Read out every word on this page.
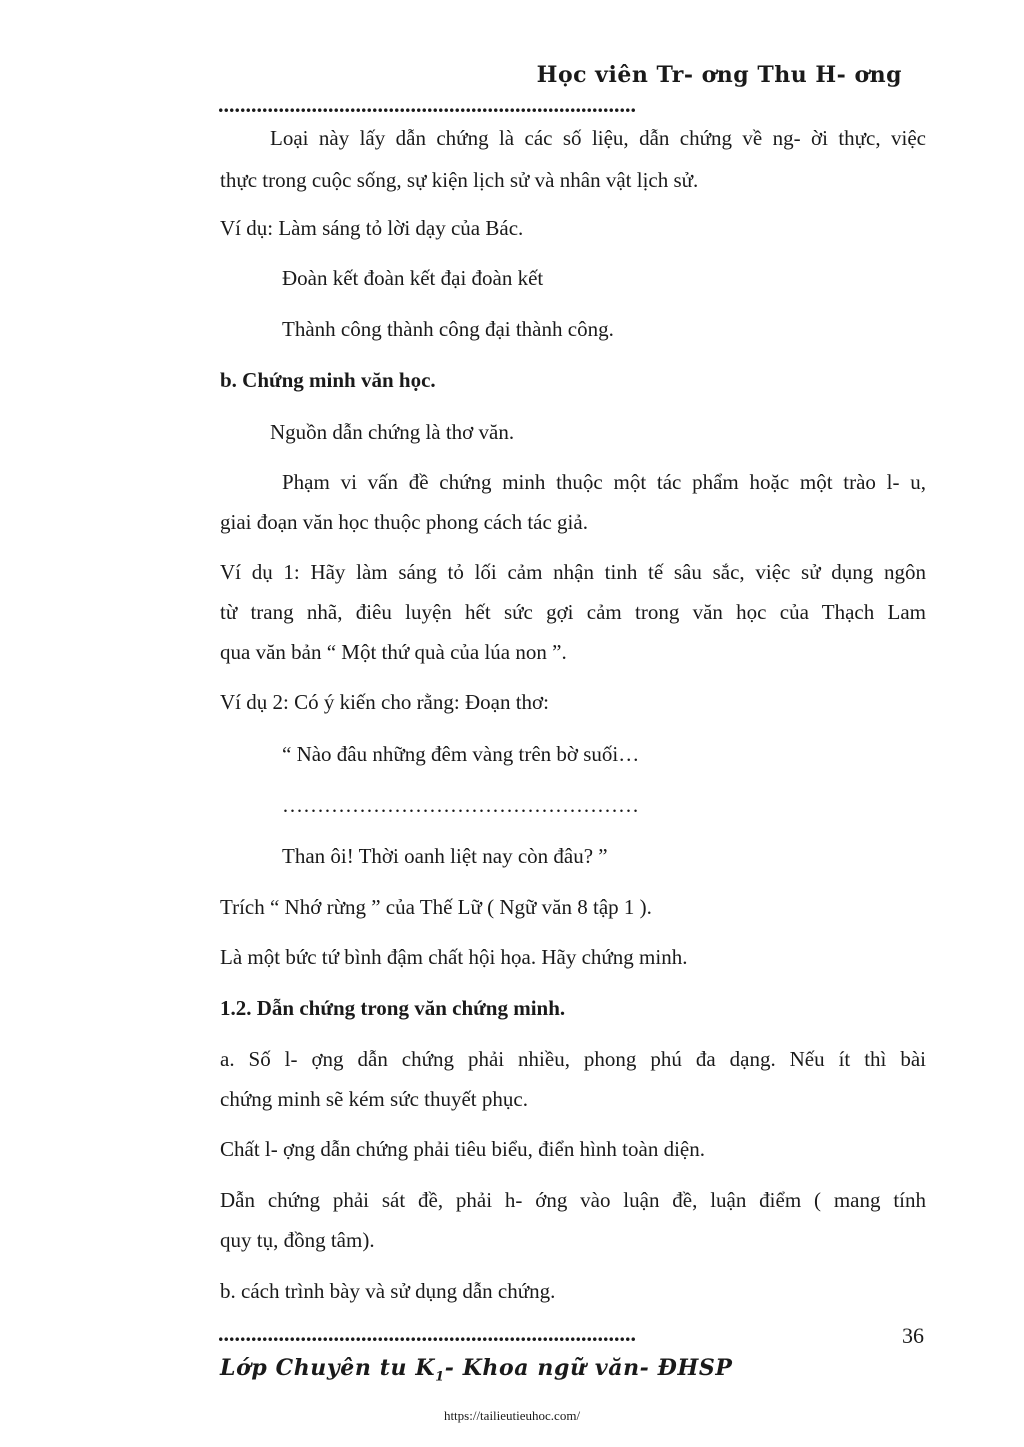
Học viên Tr- ơng Thu H- ơng
............................................................................
Loại này lấy dẫn chứng là các số liệu, dẫn chứng về ng- ời thực, việc
thực trong cuộc sống, sự kiện lịch sử và nhân vật lịch sử.
Ví dụ: Làm sáng tỏ lời dạy của Bác.
Đoàn kết đoàn kết đại đoàn kết
Thành công thành công đại thành công.
b. Chứng minh văn học.
Nguồn dẫn chứng là thơ văn.
Phạm vi vấn đề chứng minh thuộc một tác phẩm hoặc một trào l- u,
giai đoạn văn học thuộc phong cách tác giả.
Ví dụ 1: Hãy làm sáng tỏ lối cảm nhận tinh tế sâu sắc, việc sử dụng ngôn
từ trang nhã, điêu luyện hết sức gợi cảm trong văn học của Thạch Lam
qua văn bản “ Một thứ quà của lúa non ”.
Ví dụ 2: Có ý kiến cho rằng: Đoạn thơ:
“ Nào đâu những đêm vàng trên bờ suối…
……………………………………………
Than ôi! Thời oanh liệt nay còn đâu? ”
Trích “ Nhớ rừng ” của Thế Lữ ( Ngữ văn 8 tập 1 ).
Là một bức tứ bình đậm chất hội họa. Hãy chứng minh.
1.2. Dẫn chứng trong văn chứng minh.
a. Số l- ợng dẫn chứng phải nhiều, phong phú đa dạng. Nếu ít thì bài
chứng minh sẽ kém sức thuyết phục.
Chất l- ợng dẫn chứng phải tiêu biểu, điển hình toàn diện.
Dẫn chứng phải sát đề, phải h- ớng vào luận đề, luận điểm ( mang tính
quy tụ, đồng tâm).
b. cách trình bày và sử dụng dẫn chứng.
............................................................................	36
Lớp Chuyên tu $K_1-$ Khoa ngữ văn- ĐHSP
https://tailieutieuhoc.com/
